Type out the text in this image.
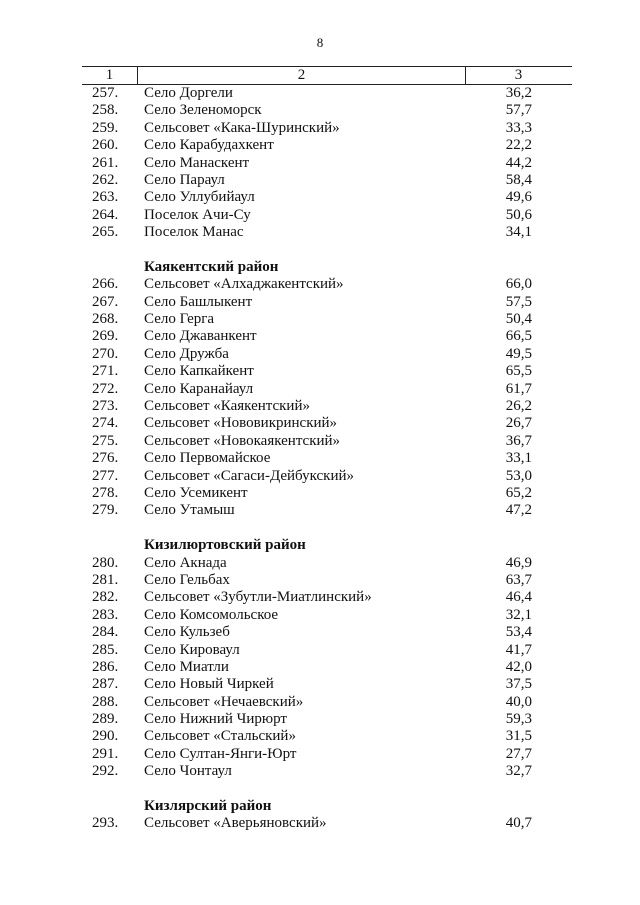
8
1	2	3
257. Село Доргели	36,2
258. Село Зеленоморск	57,7
259. Сельсовет «Кака-Шуринский»	33,3
260. Село Карабудахкент	22,2
261. Село Манаскент	44,2
262. Село Параул	58,4
263. Село Уллубийаул	49,6
264. Поселок Ачи-Су	50,6
265. Поселок Манас	34,1
Каякентский район
266. Сельсовет «Алхаджакентский»	66,0
267. Село Башлыкент	57,5
268. Село Герга	50,4
269. Село Джаванкент	66,5
270. Село Дружба	49,5
271. Село Капкайкент	65,5
272. Село Каранайаул	61,7
273. Сельсовет «Каякентский»	26,2
274. Сельсовет «Нововикринский»	26,7
275. Сельсовет «Новокаякентский»	36,7
276. Село Первомайское	33,1
277. Сельсовет «Сагаси-Дейбукский»	53,0
278. Село Усемикент	65,2
279. Село Утамыш	47,2
Кизилюртовский район
280. Село Акнада	46,9
281. Село Гельбах	63,7
282. Сельсовет «Зубутли-Миатлинский»	46,4
283. Село Комсомольское	32,1
284. Село Кульзеб	53,4
285. Село Кироваул	41,7
286. Село Миатли	42,0
287. Село Новый Чиркей	37,5
288. Сельсовет «Нечаевский»	40,0
289. Село Нижний Чирюрт	59,3
290. Сельсовет «Стальский»	31,5
291. Село Султан-Янги-Юрт	27,7
292. Село Чонтаул	32,7
Кизлярский район
293. Сельсовет «Аверьяновский»	40,7
